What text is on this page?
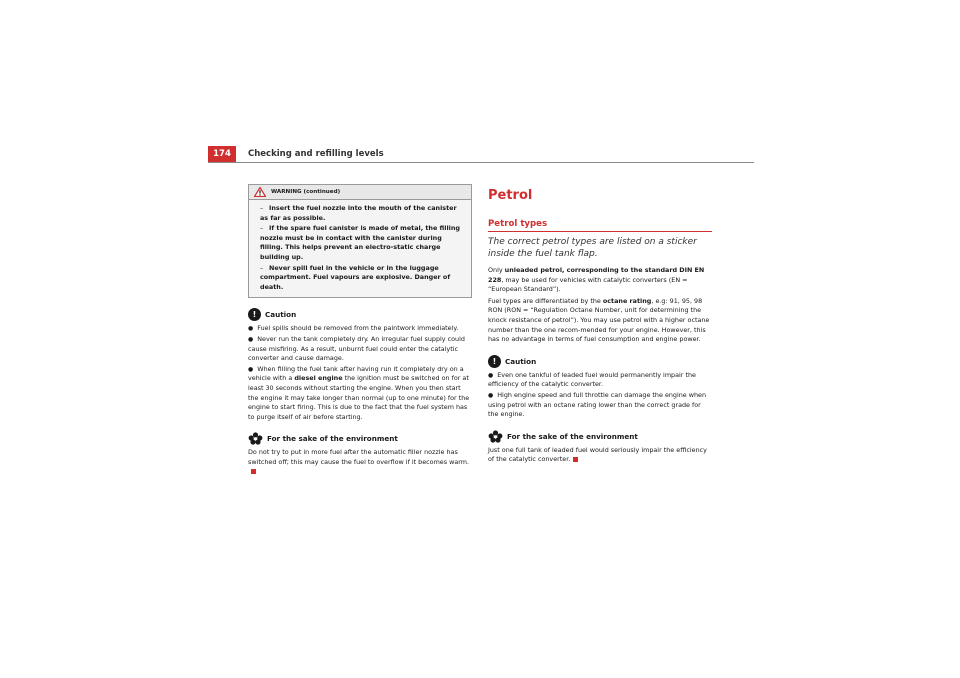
174	Checking and refilling levels
WARNING (continued)
– Insert the fuel nozzle into the mouth of the canister as far as possible.
– If the spare fuel canister is made of metal, the filling nozzle must be in contact with the canister during filling. This helps prevent an electro-static charge building up.
– Never spill fuel in the vehicle or in the luggage compartment. Fuel vapours are explosive. Danger of death.
!	Caution

● Fuel spills should be removed from the paintwork immediately.

● Never run the tank completely dry. An irregular fuel supply could cause misfiring. As a result, unburnt fuel could enter the catalytic converter and cause damage.

● When filling the fuel tank after having run it completely dry on a vehicle with a diesel engine the ignition must be switched on for at least 30 seconds without starting the engine. When you then start the engine it may take longer than normal (up to one minute) for the engine to start firing. This is due to the fact that the fuel system has to purge itself of air before starting.

For the sake of the environment

Do not try to put in more fuel after the automatic filler nozzle has switched off; this may cause the fuel to overflow if it becomes warm.

Petrol
Petrol types
The correct petrol types are listed on a sticker inside the fuel tank flap.

Only unleaded petrol, corresponding to the standard DIN EN 228, may be used for vehicles with catalytic converters (EN = “European Standard”).

Fuel types are differentiated by the octane rating, e.g: 91, 95, 98 RON (RON = “Regulation Octane Number, unit for determining the knock resistance of petrol”). You may use petrol with a higher octane number than the one recom-mended for your engine. However, this has no advantage in terms of fuel consumption and engine power.

!	Caution

● Even one tankful of leaded fuel would permanently impair the efficiency of the catalytic converter.

● High engine speed and full throttle can damage the engine when using petrol with an octane rating lower than the correct grade for the engine.

For the sake of the environment

Just one full tank of leaded fuel would seriously impair the efficiency of the catalytic converter.
